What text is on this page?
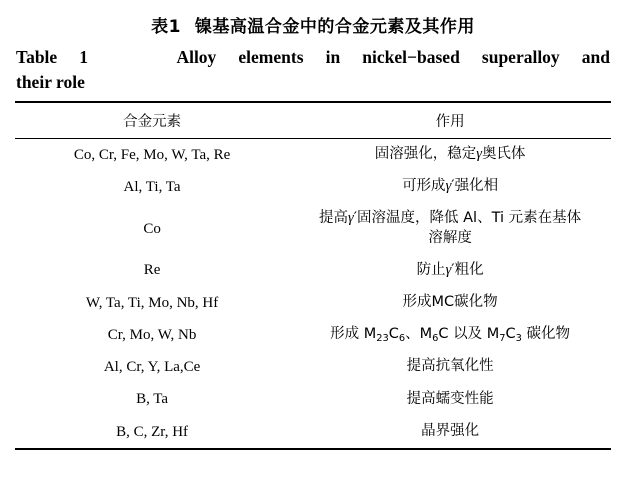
表1 镍基高温合金中的合金元素及其作用
Table 1	Alloy elements in nickel−based superalloy and
their role
合金元素	作用
Co, Cr, Fe, Mo, W, Ta, Re	固溶强化，稳定γ奥氏体
Al, Ti, Ta	可形成γ′强化相
Co	提高γ′固溶温度，降低 Al、Ti 元素在基体
溶解度
Re	防止γ′粗化
W, Ta, Ti, Mo, Nb, Hf	形成MC碳化物
Cr, Mo, W, Nb	形成 $M_{23}C_6$、$M_6C$ 以及 $M_7C_3$ 碳化物
Al, Cr, Y, La,Ce	提高抗氧化性
B, Ta	提高蠕变性能
B, C, Zr, Hf	晶界强化
